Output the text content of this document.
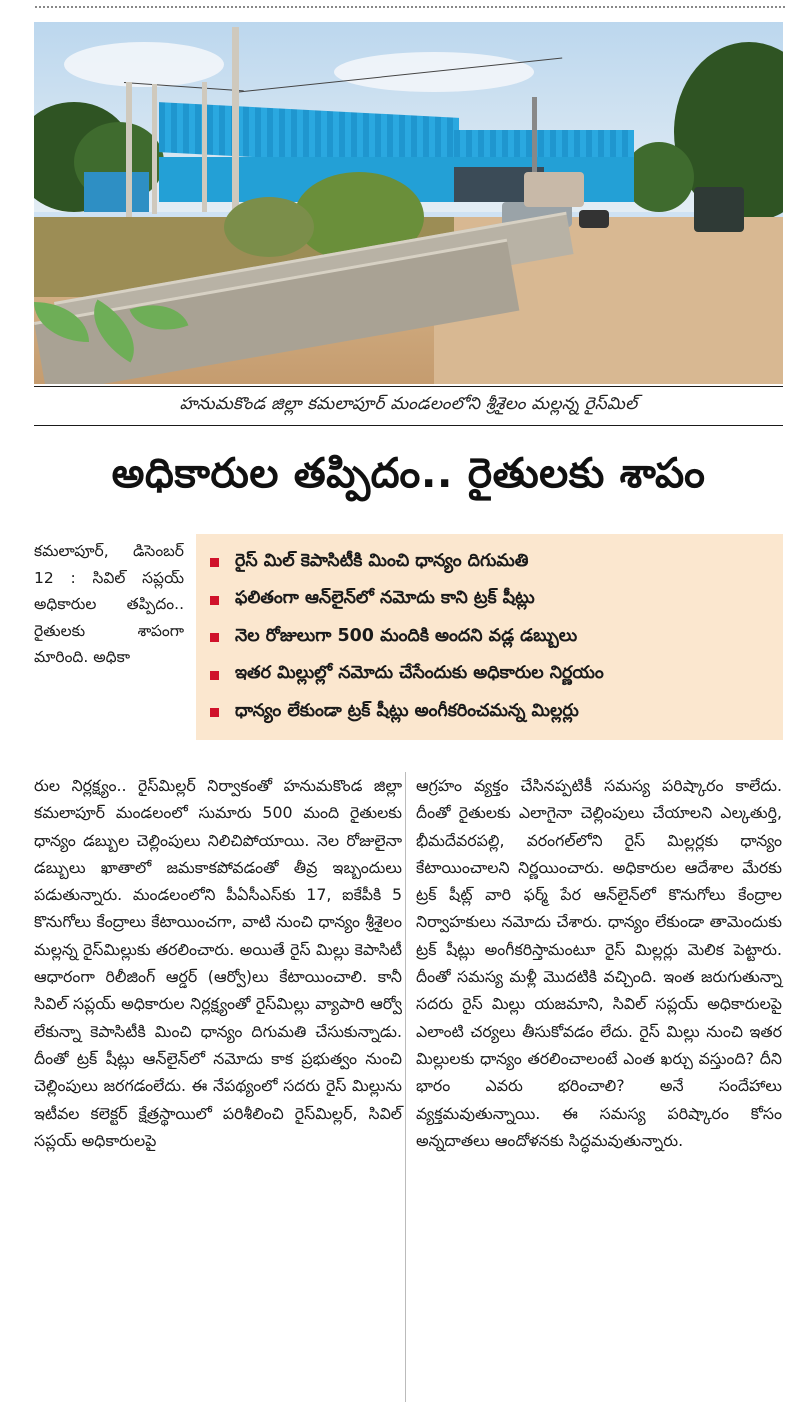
హనుమకొండ జిల్లా కమలాపూర్ మండలంలోని శ్రీశైలం మల్లన్న రైస్‌మిల్
అధికారుల తప్పిదం.. రైతులకు శాపం
కమలాపూర్, డిసెంబర్ 12 : సివిల్ సప్లయ్ అధికారుల తప్పిదం.. రైతులకు శాపంగా మారింది. అధికా
రైస్ మిల్ కెపాసిటీకి మించి ధాన్యం దిగుమతి
ఫలితంగా ఆన్‌లైన్‌లో నమోదు కాని ట్రక్ షీట్లు
నెల రోజులుగా 500 మందికి అందని వడ్ల డబ్బులు
ఇతర మిల్లుల్లో నమోదు చేసేందుకు అధికారుల నిర్ణయం
ధాన్యం లేకుండా ట్రక్ షీట్లు అంగీకరించమన్న మిల్లర్లు

రుల నిర్లక్ష్యం.. రైస్‌మిల్లర్ నిర్వాకంతో హనుమకొండ జిల్లా కమలాపూర్ మండలంలో సుమారు 500 మంది రైతులకు ధాన్యం డబ్బుల చెల్లింపులు నిలిచిపోయాయి. నెల రోజులైనా డబ్బులు ఖాతాలో జమకాకపోవడంతో తీవ్ర ఇబ్బందులు పడుతున్నారు. మండలంలోని పీఏసీఎస్‌కు 17, ఐకేపీకి 5 కొనుగోలు కేంద్రాలు కేటాయించగా, వాటి నుంచి ధాన్యం శ్రీశైలం మల్లన్న రైస్‌మిల్లుకు తరలించారు. అయితే రైస్ మిల్లు కెపాసిటీ ఆధారంగా రిలీజింగ్ ఆర్డర్ (ఆర్వో)లు కేటాయించాలి. కానీ సివిల్ సప్లయ్ అధికారుల నిర్లక్ష్యంతో రైస్‌మిల్లు వ్యాపారి ఆర్వో లేకున్నా కెపాసిటీకి మించి ధాన్యం దిగుమతి చేసుకున్నాడు. దీంతో ట్రక్ షీట్లు ఆన్‌లైన్‌లో నమోదు కాక ప్రభుత్వం నుంచి చెల్లింపులు జరగడంలేదు. ఈ నేపథ్యంలో సదరు రైస్ మిల్లును ఇటీవల కలెక్టర్ క్షేత్రస్థాయిలో పరిశీలించి రైస్‌మిల్లర్, సివిల్ సప్లయ్ అధికారులపై

ఆగ్రహం వ్యక్తం చేసినప్పటికీ సమస్య పరిష్కారం కాలేదు. దీంతో రైతులకు ఎలాగైనా చెల్లింపులు చేయాలని ఎల్కతుర్తి, భీమదేవరపల్లి, వరంగల్‌లోని రైస్ మిల్లర్లకు ధాన్యం కేటాయించాలని నిర్ణయించారు. అధికారుల ఆదేశాల మేరకు ట్రక్ షీట్ల్ వారి ఫర్మ్ పేర ఆన్‌లైన్‌లో కొనుగోలు కేంద్రాల నిర్వాహకులు నమోదు చేశారు. ధాన్యం లేకుండా తామెందుకు ట్రక్ షీట్లు అంగీకరిస్తామంటూ రైస్ మిల్లర్లు మెలిక పెట్టారు. దీంతో సమస్య మళ్లీ మొదటికి వచ్చింది. ఇంత జరుగుతున్నా సదరు రైస్ మిల్లు యజమాని, సివిల్ సప్లయ్ అధికారులపై ఎలాంటి చర్యలు తీసుకోవడం లేదు. రైస్ మిల్లు నుంచి ఇతర మిల్లులకు ధాన్యం తరలించాలంటే ఎంత ఖర్చు వస్తుంది? దీని భారం ఎవరు భరించాలి? అనే సందేహాలు వ్యక్తమవుతున్నాయి. ఈ సమస్య పరిష్కారం కోసం అన్నదాతలు ఆందోళనకు సిద్ధమవుతున్నారు.
